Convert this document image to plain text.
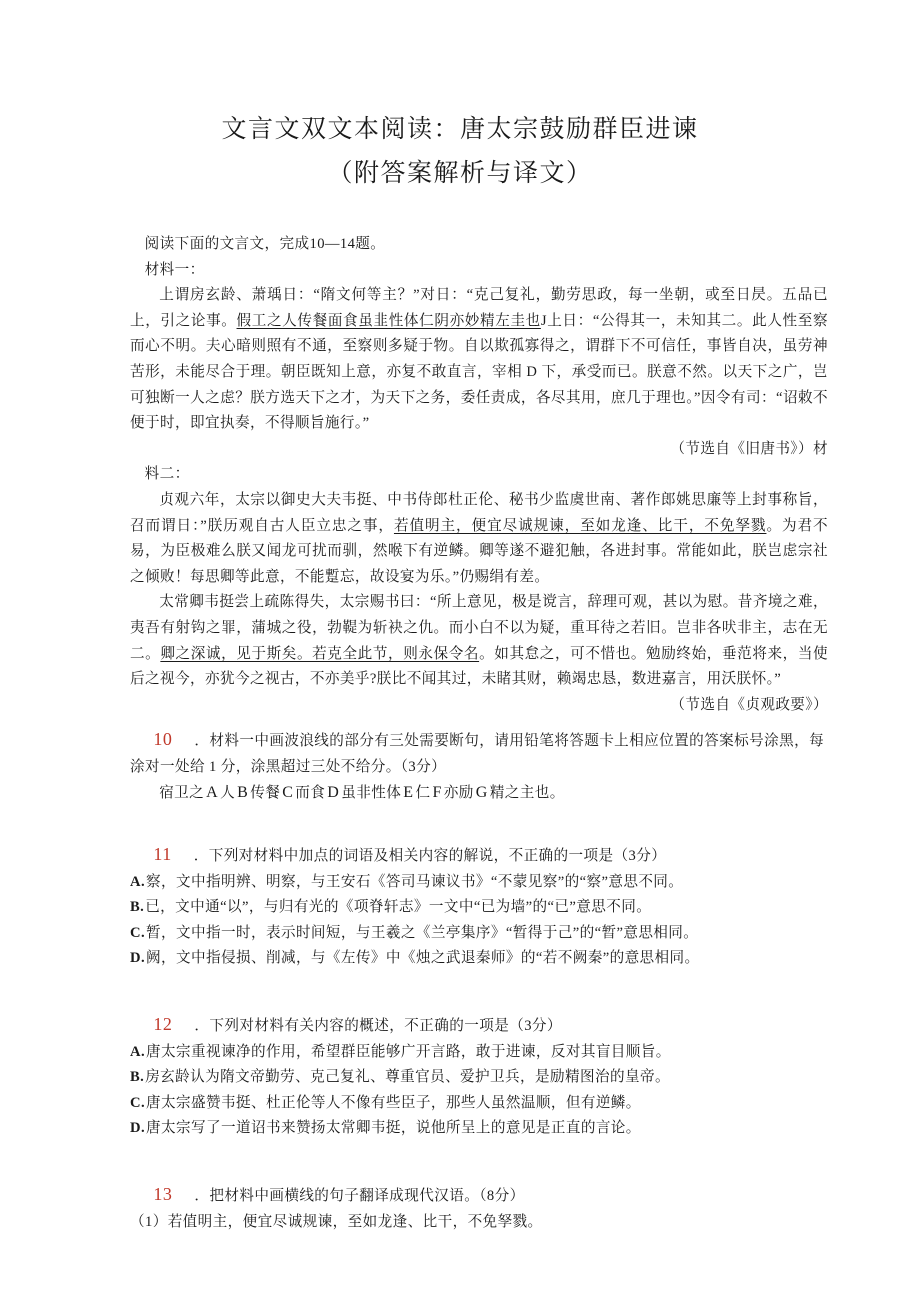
文言文双文本阅读：唐太宗鼓励群臣进谏
（附答案解析与译文）

阅读下面的文言文，完成10—14题。

材料一：

上谓房玄龄、萧瑀日：“隋文何等主？”对日：“克己复礼，勤劳思政，每一坐朝，或至日昃。五品已上，引之论事。假工之人传餐面食虽韭性体仁阴亦妙精左圭也J上日：“公得其一，未知其二。此人性至察而心不明。夫心暗则照有不通，至察则多疑于物。自以欺孤寡得之，谓群下不可信任，事皆自决，虽劳神苦形，未能尽合于理。朝臣既知上意，亦复不敢直言，宰相 D 下，承受而已。朕意不然。以天下之广，岂可独断一人之虑？朕方选天下之才，为天下之务，委任责成，各尽其用，庶几于理也。”因令有司：“诏敕不便于时，即宜执奏，不得顺旨施行。”

（节选自《旧唐书》）材

料二：

贞观六年，太宗以御史大夫韦挺、中书侍郎杜正伦、秘书少监虞世南、著作郎姚思廉等上封事称旨，召而谓日：”朕历观自古人臣立忠之事，若值明主，便宜尽诚规谏，至如龙逢、比干，不免孥戮。为君不易，为臣极难么朕又闻龙可扰而驯，然喉下有逆鳞。卿等遂不避犯触，各进封事。常能如此，朕岂虑宗社之倾败！每思卿等此意，不能蹔忘，故设宴为乐。”仍赐绢有差。

太常卿韦挺尝上疏陈得失，太宗赐书曰：“所上意见，极是谠言，辞理可观，甚以为慰。昔齐境之难，夷吾有射钩之罪，蒲城之役，勃鞮为斩袂之仇。而小白不以为疑，重耳待之若旧。岂非各吠非主，志在无二。卿之深诚，见于斯矣。若克全此节，则永保令名。如其怠之，可不惜也。勉励终始，垂范将来，当使后之视今，亦犹今之视古，不亦美乎?朕比不闻其过，未睹其财，赖竭忠恳，数进嘉言，用沃朕怀。”

（节选自《贞观政要》）

10 ．材料一中画波浪线的部分有三处需要断句，请用铅笔将答题卡上相应位置的答案标号涂黑，每涂对一处给 1 分，涂黑超过三处不给分。（3分）

宿卫之 A 人 B 传餐 C 而食 D 虽非性体 E 仁 F 亦励 G 精之主也。

11 ．下列对材料中加点的词语及相关内容的解说，不正确的一项是（3分）

A.察，文中指明辨、明察，与王安石《答司马谏议书》“不蒙见察”的“察”意思不同。

B.已，文中通“以”，与归有光的《项脊轩志》一文中“已为墙”的“已”意思不同。

C.暂，文中指一时，表示时间短，与王羲之《兰亭集序》“暂得于己”的“暂”意思相同。

D.阙，文中指侵损、削减，与《左传》中《烛之武退秦师》的“若不阙秦”的意思相同。

12 ．下列对材料有关内容的概述，不正确的一项是（3分）

A.唐太宗重视谏净的作用，希望群臣能够广开言路，敢于进谏，反对其盲目顺旨。

B.房玄龄认为隋文帝勤劳、克己复礼、尊重官员、爱护卫兵，是励精图治的皇帝。

C.唐太宗盛赞韦挺、杜正伦等人不像有些臣子，那些人虽然温顺，但有逆鳞。

D.唐太宗写了一道诏书来赞扬太常卿韦挺，说他所呈上的意见是正直的言论。

13 ．把材料中画横线的句子翻译成现代汉语。（8分）

（1）若值明主，便宜尽诚规谏，至如龙逢、比干，不免孥戮。
